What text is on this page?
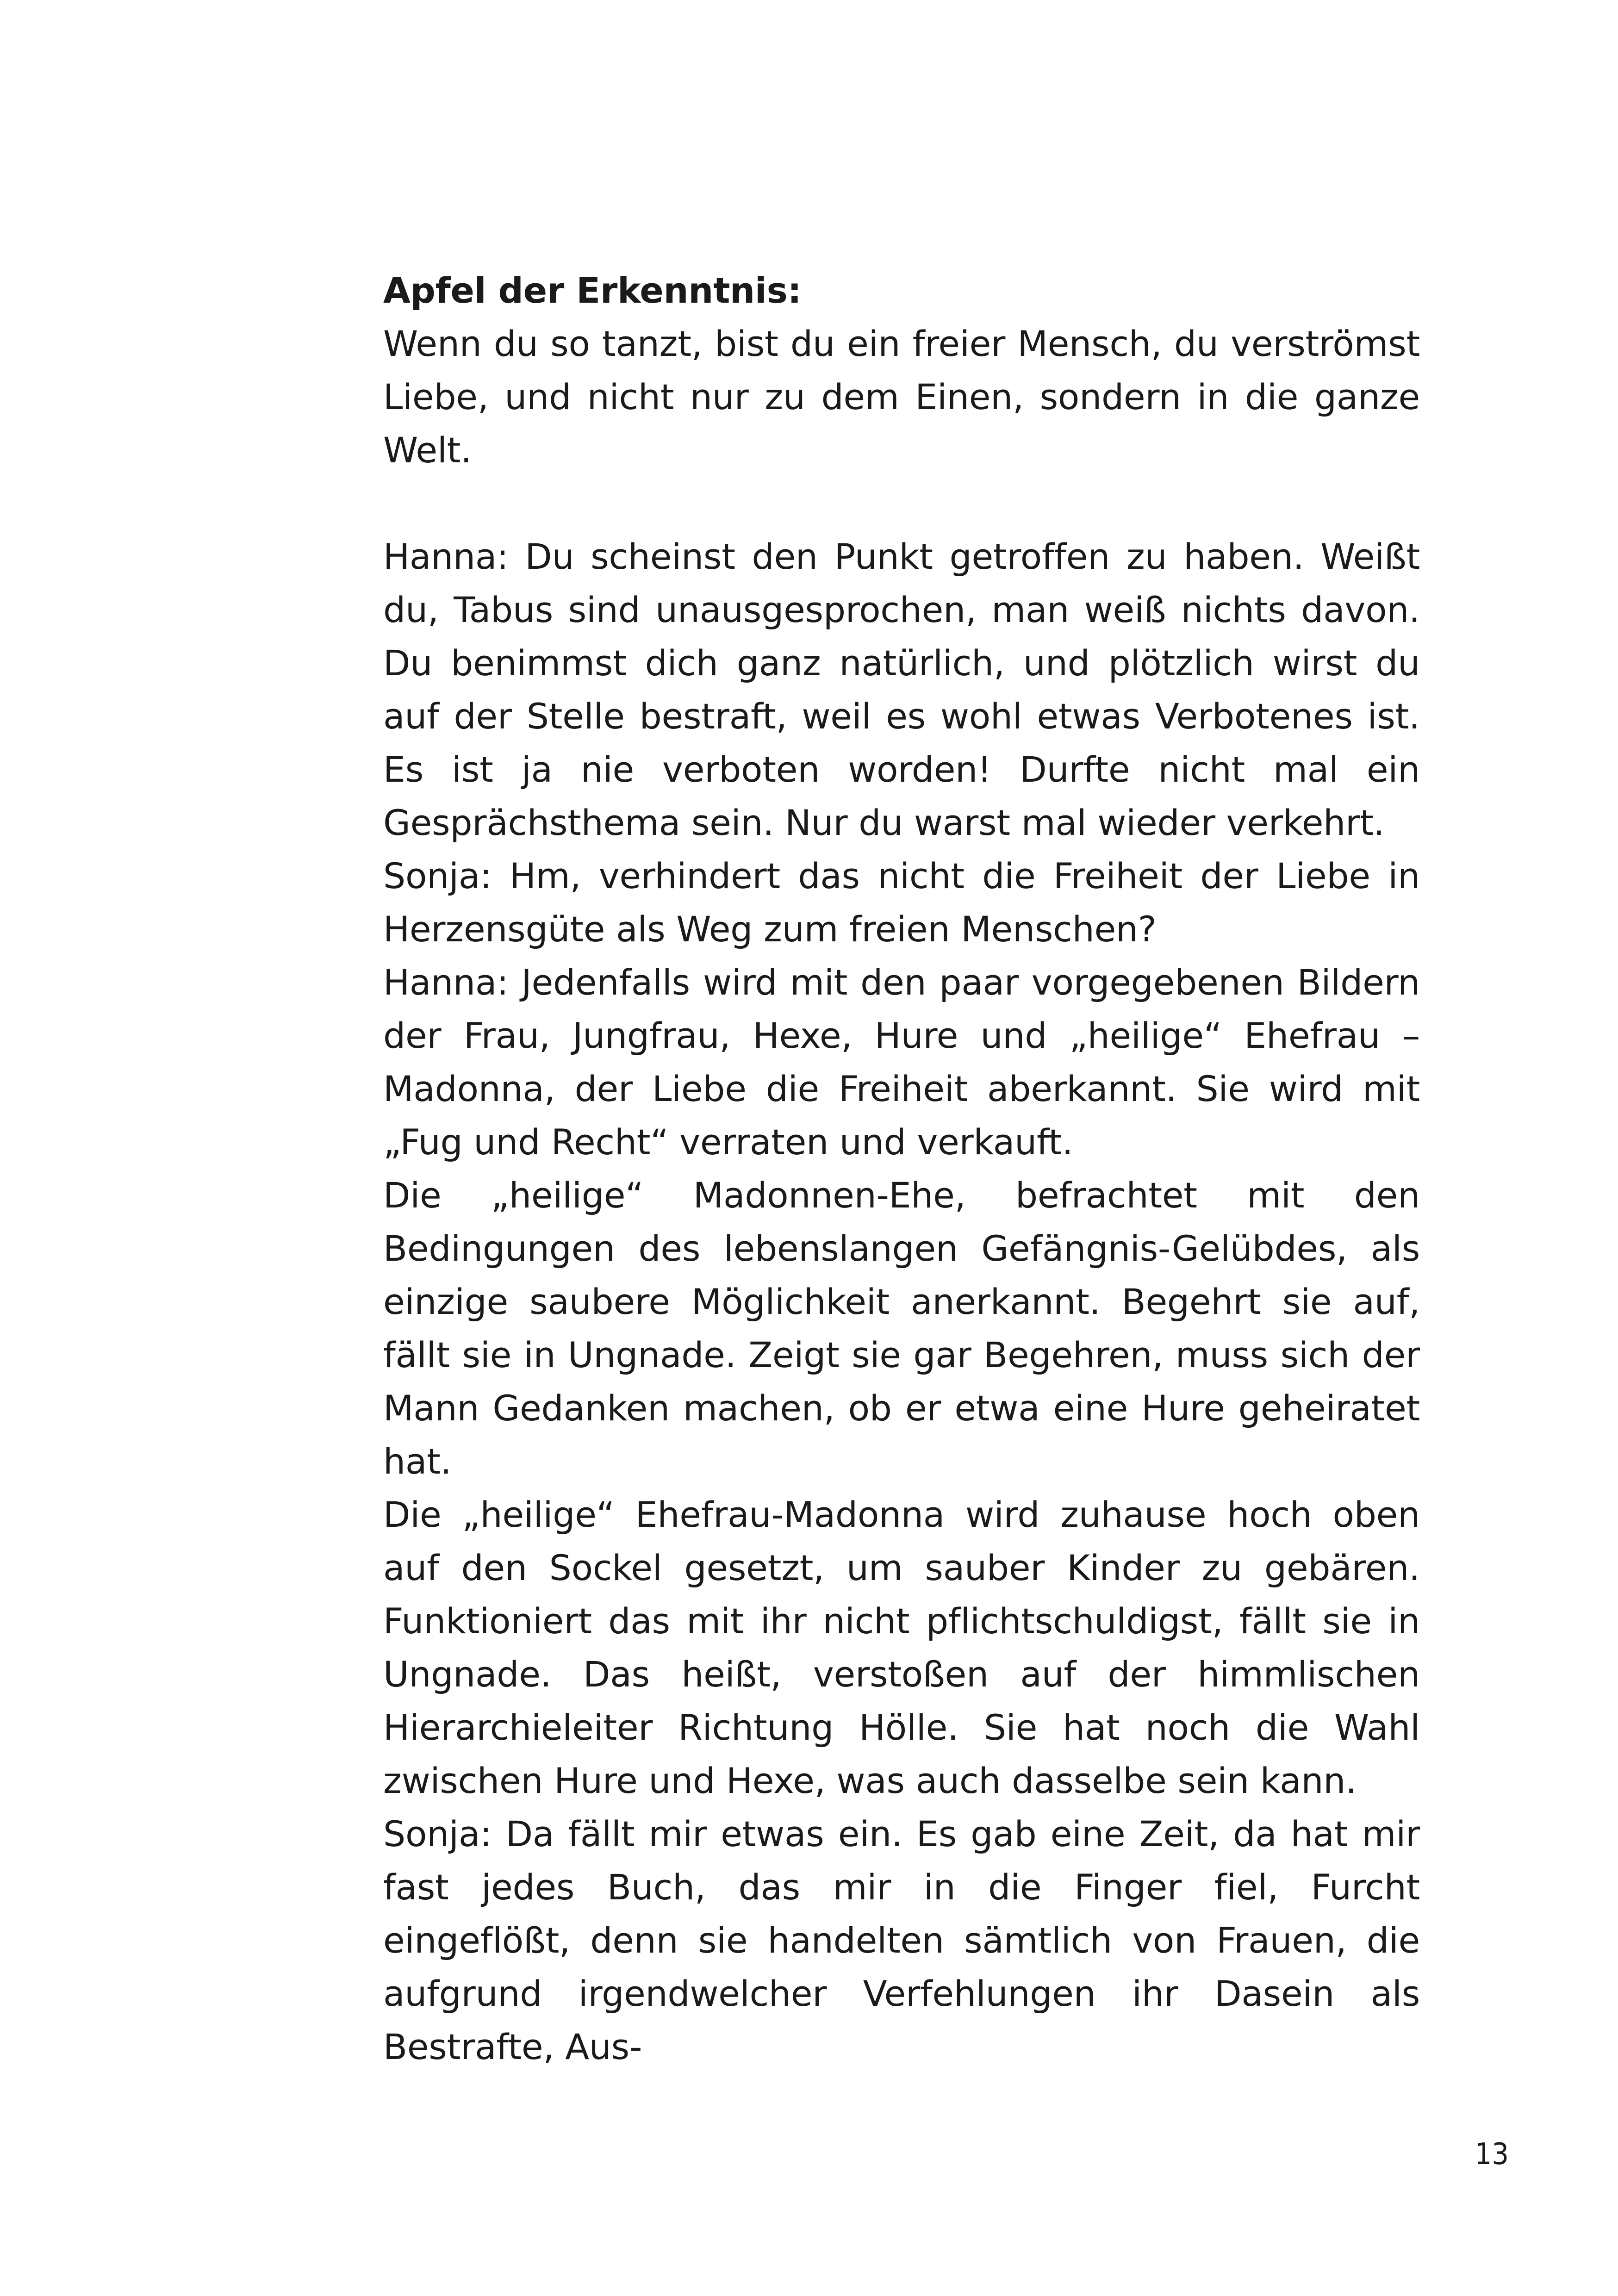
Apfel der Erkenntnis:

Wenn du so tanzt, bist du ein freier Mensch, du verströmst Liebe, und nicht nur zu dem Einen, sondern in die ganze Welt.

Hanna: Du scheinst den Punkt getroffen zu haben. Weißt du, Tabus sind unausgesprochen, man weiß nichts davon. Du benimmst dich ganz natürlich, und plötzlich wirst du auf der Stelle bestraft, weil es wohl etwas Verbotenes ist. Es ist ja nie verboten worden! Durfte nicht mal ein Gesprächsthema sein. Nur du warst mal wieder verkehrt.

Sonja: Hm, verhindert das nicht die Freiheit der Liebe in Herzensgüte als Weg zum freien Menschen?

Hanna: Jedenfalls wird mit den paar vorgegebenen Bildern der Frau, Jungfrau, Hexe, Hure und „heilige“ Ehefrau – Madonna, der Liebe die Freiheit aberkannt. Sie wird mit „Fug und Recht“ verraten und verkauft.

Die „heilige“ Madonnen-Ehe, befrachtet mit den Bedingungen des lebenslangen Gefängnis-Gelübdes, als einzige saubere Möglichkeit anerkannt. Begehrt sie auf, fällt sie in Ungnade. Zeigt sie gar Begehren, muss sich der Mann Gedanken machen, ob er etwa eine Hure geheiratet hat.

Die „heilige“ Ehefrau-Madonna wird zuhause hoch oben auf den Sockel gesetzt, um sauber Kinder zu gebären. Funktioniert das mit ihr nicht pflichtschuldigst, fällt sie in Ungnade. Das heißt, verstoßen auf der himmlischen Hierarchieleiter Richtung Hölle. Sie hat noch die Wahl zwischen Hure und Hexe, was auch dasselbe sein kann.

Sonja: Da fällt mir etwas ein. Es gab eine Zeit, da hat mir fast jedes Buch, das mir in die Finger fiel, Furcht eingeflößt, denn sie handelten sämtlich von Frauen, die aufgrund irgendwelcher Verfehlungen ihr Dasein als Bestrafte, Aus-

13
